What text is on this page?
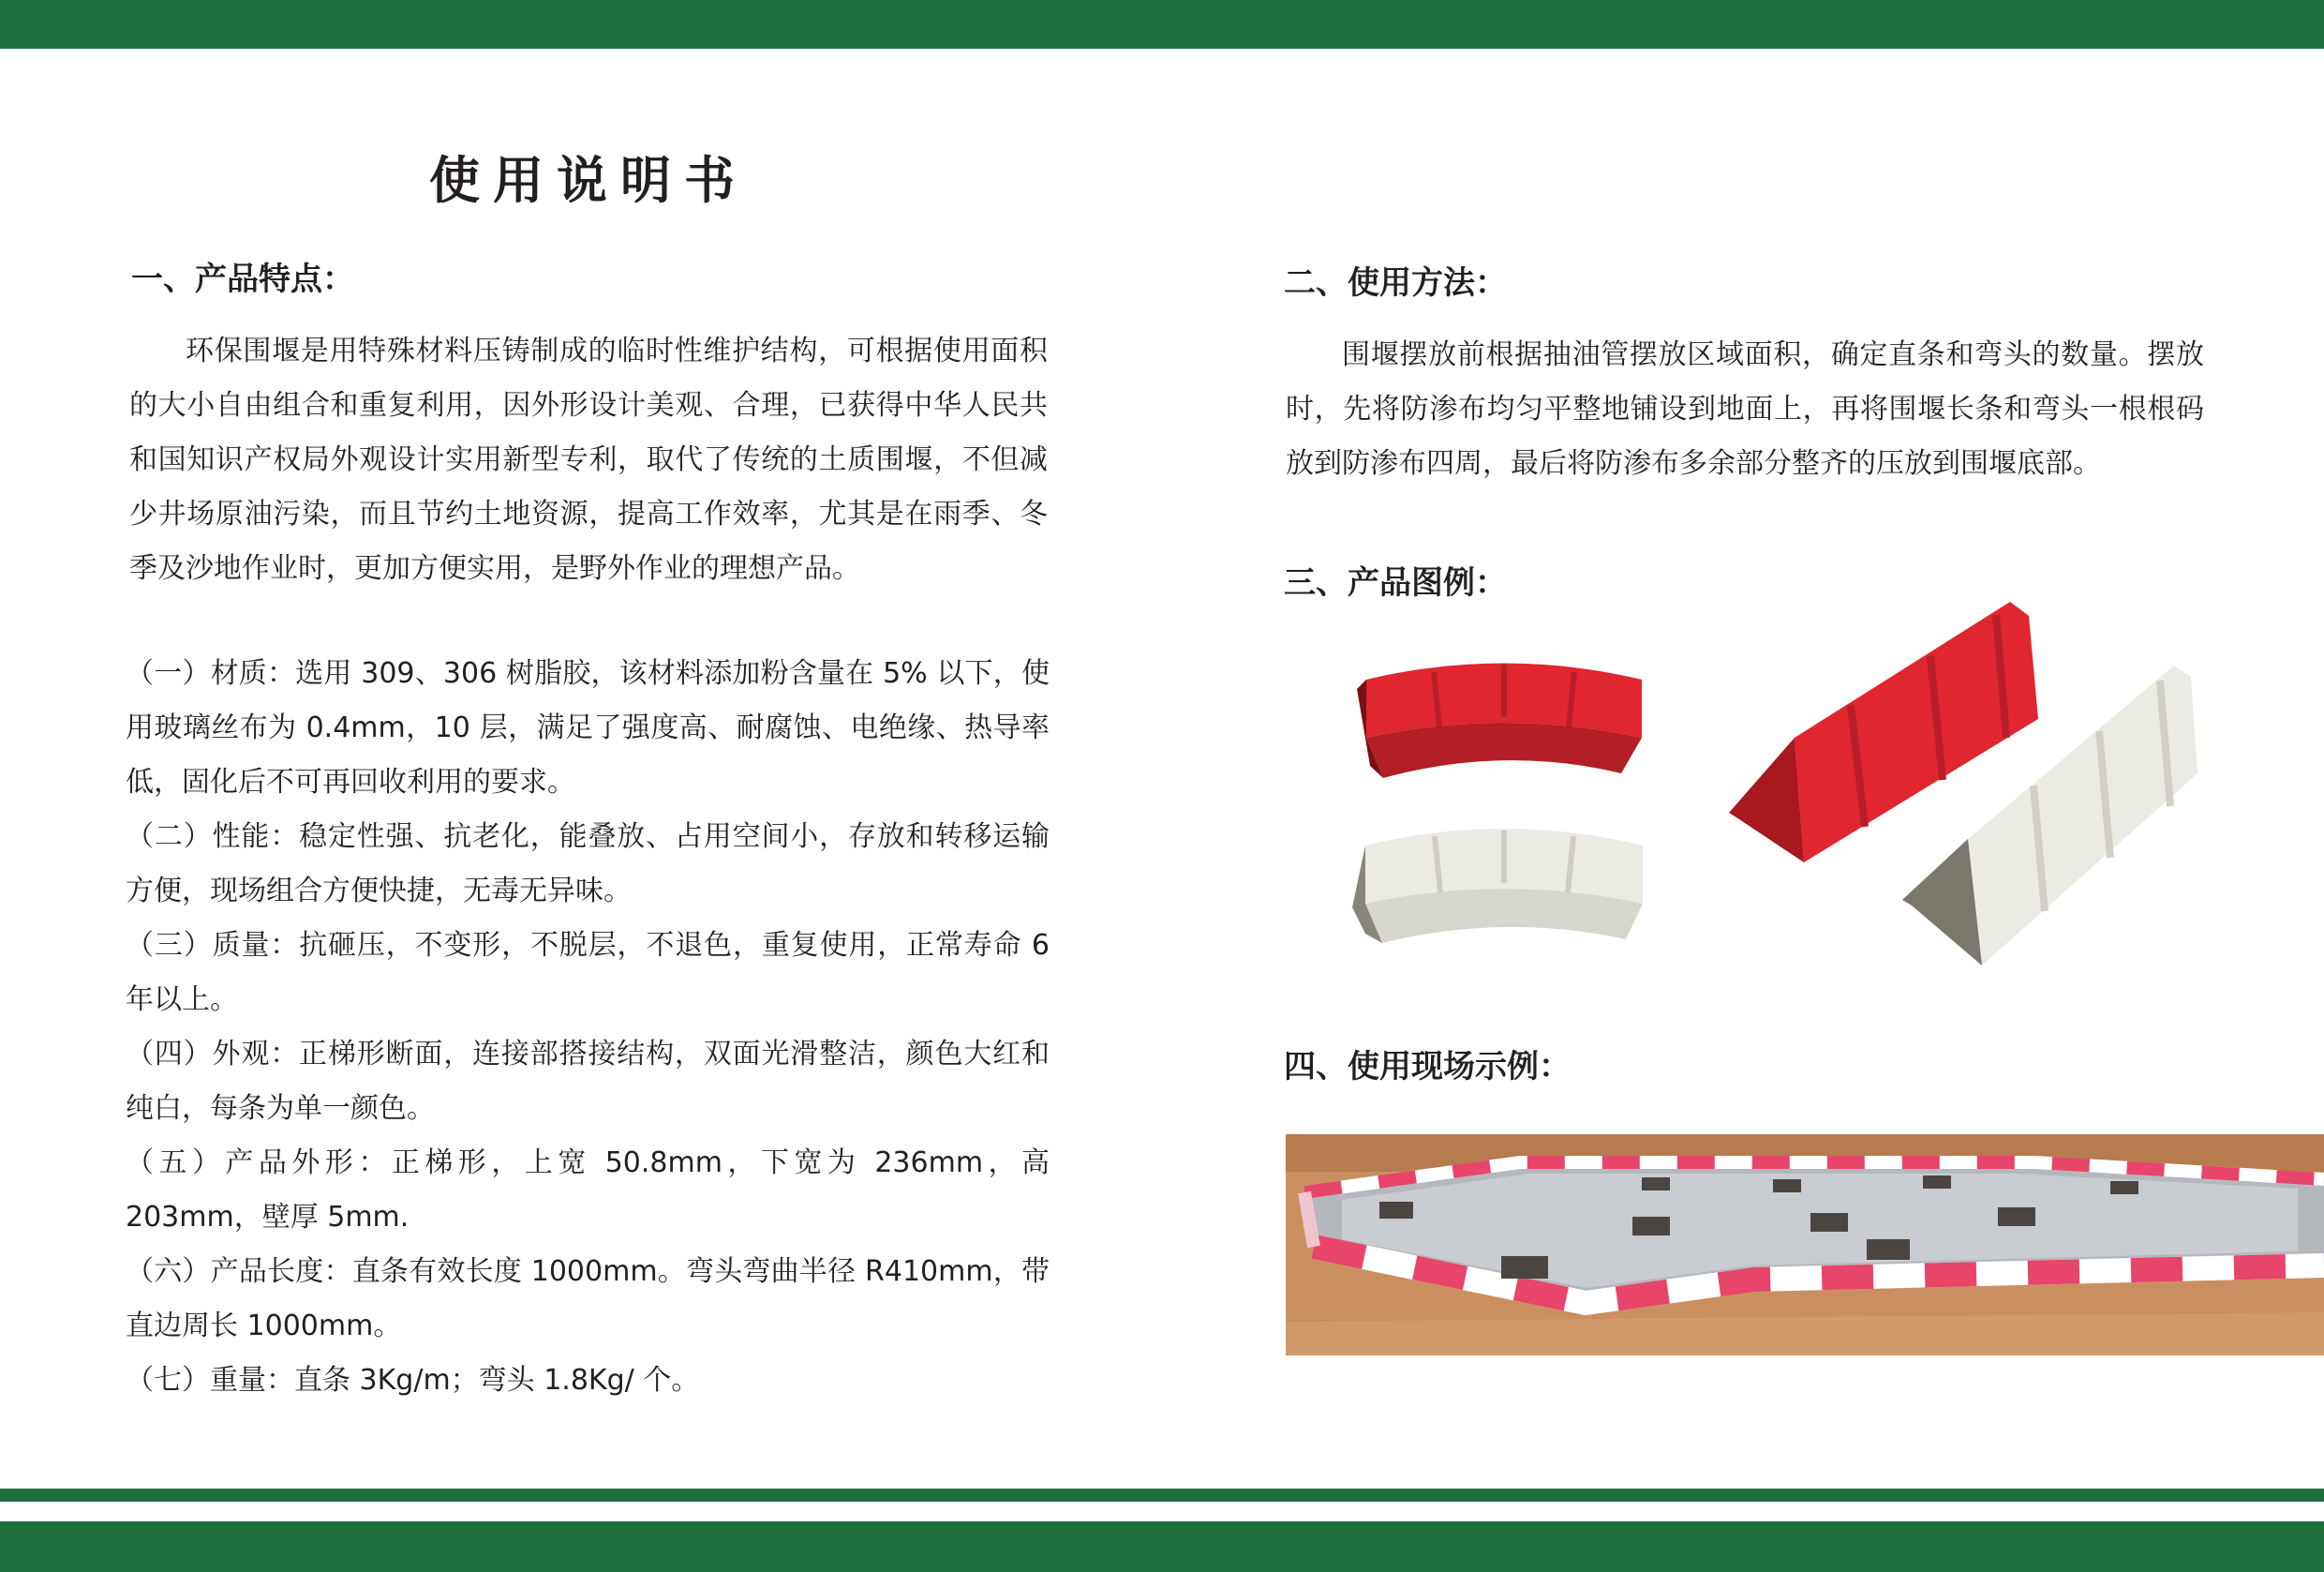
使用说明书
一、产品特点：

环保围堰是用特殊材料压铸制成的临时性维护结构，可根据使用面积的大小自由组合和重复利用，因外形设计美观、合理，已获得中华人民共和国知识产权局外观设计实用新型专利，取代了传统的土质围堰，不但减少井场原油污染，而且节约土地资源，提高工作效率，尤其是在雨季、冬季及沙地作业时，更加方便实用，是野外作业的理想产品。

（一）材质：选用 309、306 树脂胶，该材料添加粉含量在 5% 以下，使用玻璃丝布为 0.4mm，10 层，满足了强度高、耐腐蚀、电绝缘、热导率低，固化后不可再回收利用的要求。
（二）性能：稳定性强、抗老化，能叠放、占用空间小，存放和转移运输方便，现场组合方便快捷，无毒无异味。
（三）质量：抗砸压，不变形，不脱层，不退色，重复使用，正常寿命 6 年以上。
（四）外观：正梯形断面，连接部搭接结构，双面光滑整洁，颜色大红和纯白，每条为单一颜色。
（五）产品外形：正梯形，上宽 50.8mm，下宽为 236mm，高 203mm，壁厚 5mm.
（六）产品长度：直条有效长度 1000mm。弯头弯曲半径 R410mm，带直边周长 1000mm。
（七）重量：直条 3Kg/m；弯头 1.8Kg/ 个。
二、使用方法：

围堰摆放前根据抽油管摆放区域面积，确定直条和弯头的数量。摆放时，先将防渗布均匀平整地铺设到地面上，再将围堰长条和弯头一根根码放到防渗布四周，最后将防渗布多余部分整齐的压放到围堰底部。

三、产品图例：
四、使用现场示例：
